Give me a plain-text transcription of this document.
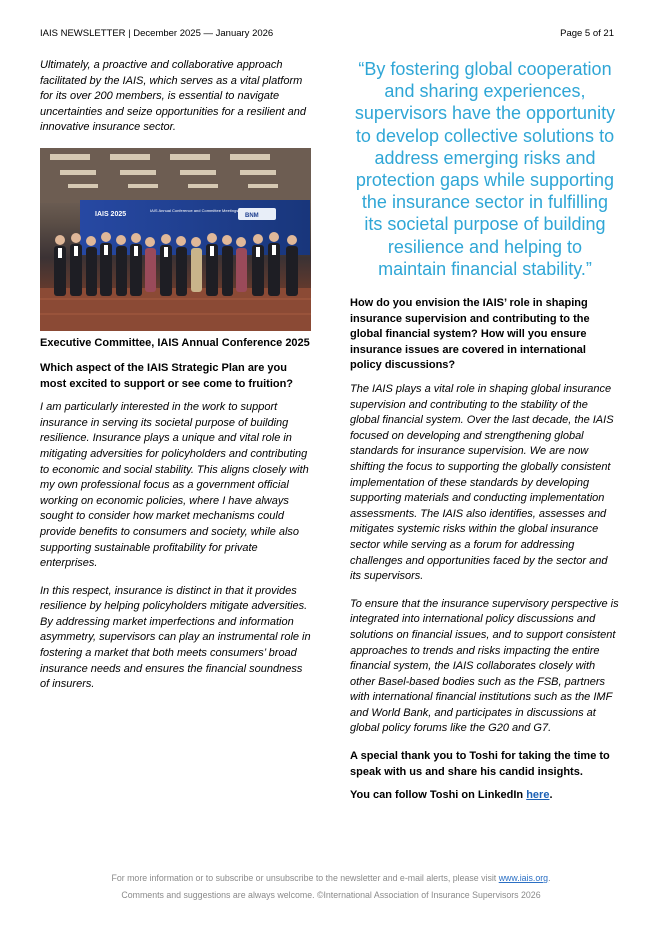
IAIS NEWSLETTER | December 2025 — January 2026	Page 5 of 21

Ultimately, a proactive and collaborative approach facilitated by the IAIS, which serves as a vital platform for its over 200 members, is essential to navigate uncertainties and seize opportunities for a resilient and innovative insurance sector.

IAIS 2025
IAIS Annual Conference and Committee Meetings
BNM

Executive Committee, IAIS Annual Conference 2025

Which aspect of the IAIS Strategic Plan are you most excited to support or see come to fruition?

I am particularly interested in the work to support insurance in serving its societal purpose of building resilience. Insurance plays a unique and vital role in mitigating adversities for policyholders and contributing to economic and social stability. This aligns closely with my own professional focus as a government official working on economic policies, where I have always sought to consider how market mechanisms could provide benefits to consumers and society, while also supporting sustainable profitability for private enterprises.

In this respect, insurance is distinct in that it provides resilience by helping policyholders mitigate adversities. By addressing market imperfections and information asymmetry, supervisors can play an instrumental role in fostering a market that both meets consumers’ broad insurance needs and ensures the financial soundness of insurers.

“By fostering global cooperation and sharing experiences, supervisors have the opportunity to develop collective solutions to address emerging risks and protection gaps while supporting the insurance sector in fulfilling its societal purpose of building resilience and helping to maintain financial stability.”

How do you envision the IAIS’ role in shaping insurance supervision and contributing to the global financial system? How will you ensure insurance issues are covered in international policy discussions?

The IAIS plays a vital role in shaping global insurance supervision and contributing to the stability of the global financial system. Over the last decade, the IAIS focused on developing and strengthening global standards for insurance supervision. We are now shifting the focus to supporting the globally consistent implementation of these standards by developing supporting materials and conducting implementation assessments. The IAIS also identifies, assesses and mitigates systemic risks within the global insurance sector while serving as a forum for addressing challenges and opportunities faced by the sector and its supervisors.

To ensure that the insurance supervisory perspective is integrated into international policy discussions and solutions on financial issues, and to support consistent approaches to trends and risks impacting the entire financial system, the IAIS collaborates closely with other Basel-based bodies such as the FSB, partners with international financial institutions such as the IMF and World Bank, and participates in discussions at global policy forums like the G20 and G7.

A special thank you to Toshi for taking the time to speak with us and share his candid insights.

You can follow Toshi on LinkedIn here.

For more information or to subscribe or unsubscribe to the newsletter and e-mail alerts, please visit www.iais.org.
Comments and suggestions are always welcome. ©International Association of Insurance Supervisors 2026
